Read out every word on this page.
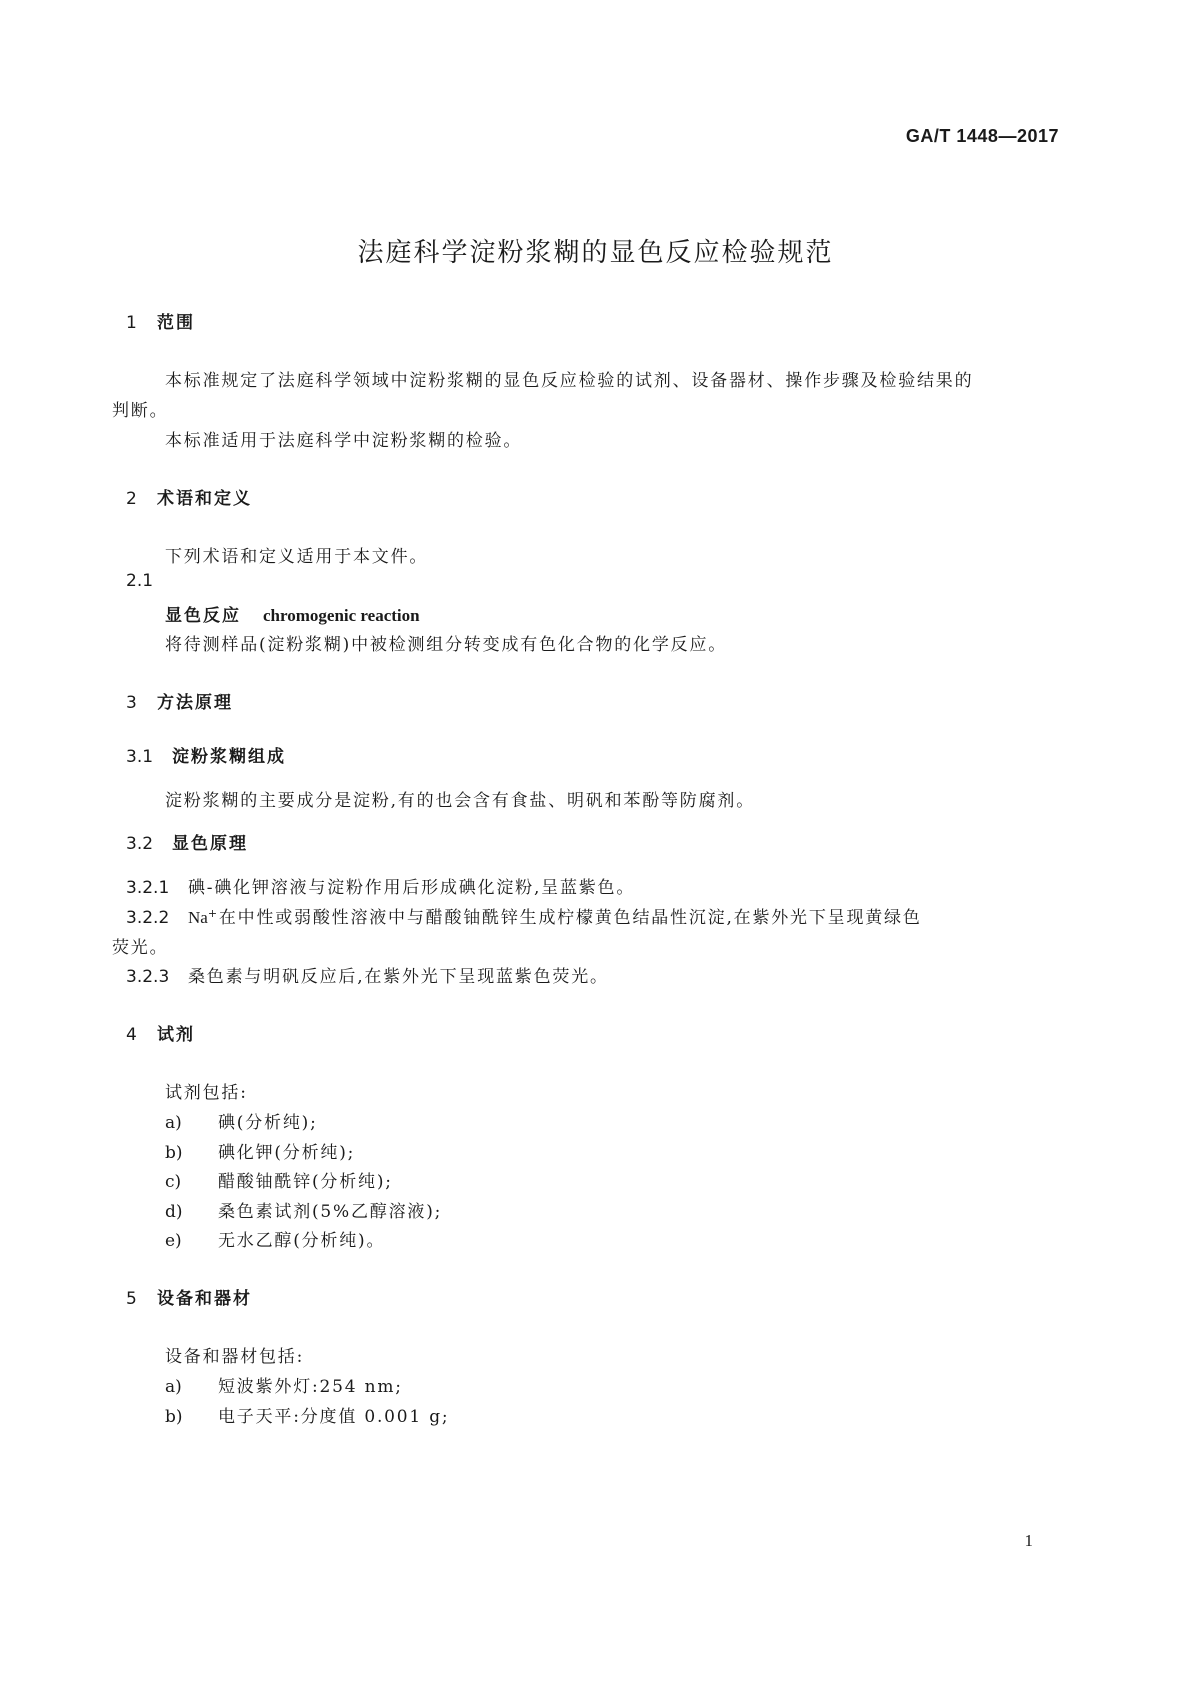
GA/T 1448—2017
法庭科学淀粉浆糊的显色反应检验规范
1 范围
本标准规定了法庭科学领域中淀粉浆糊的显色反应检验的试剂、设备器材、操作步骤及检验结果的
判断。
本标准适用于法庭科学中淀粉浆糊的检验。
2 术语和定义
下列术语和定义适用于本文件。
2.1
显色反应 chromogenic reaction
将待测样品(淀粉浆糊)中被检测组分转变成有色化合物的化学反应。
3 方法原理
3.1 淀粉浆糊组成
淀粉浆糊的主要成分是淀粉,有的也会含有食盐、明矾和苯酚等防腐剂。
3.2 显色原理
3.2.1 碘-碘化钾溶液与淀粉作用后形成碘化淀粉,呈蓝紫色。
3.2.2 Na+在中性或弱酸性溶液中与醋酸铀酰锌生成柠檬黄色结晶性沉淀,在紫外光下呈现黄绿色
荧光。
3.2.3 桑色素与明矾反应后,在紫外光下呈现蓝紫色荧光。
4 试剂
试剂包括:
a) 碘(分析纯);
b) 碘化钾(分析纯);
c) 醋酸铀酰锌(分析纯);
d) 桑色素试剂(5%乙醇溶液);
e) 无水乙醇(分析纯)。
5 设备和器材
设备和器材包括:
a) 短波紫外灯:254 nm;
b) 电子天平:分度值 0.001 g;
1
